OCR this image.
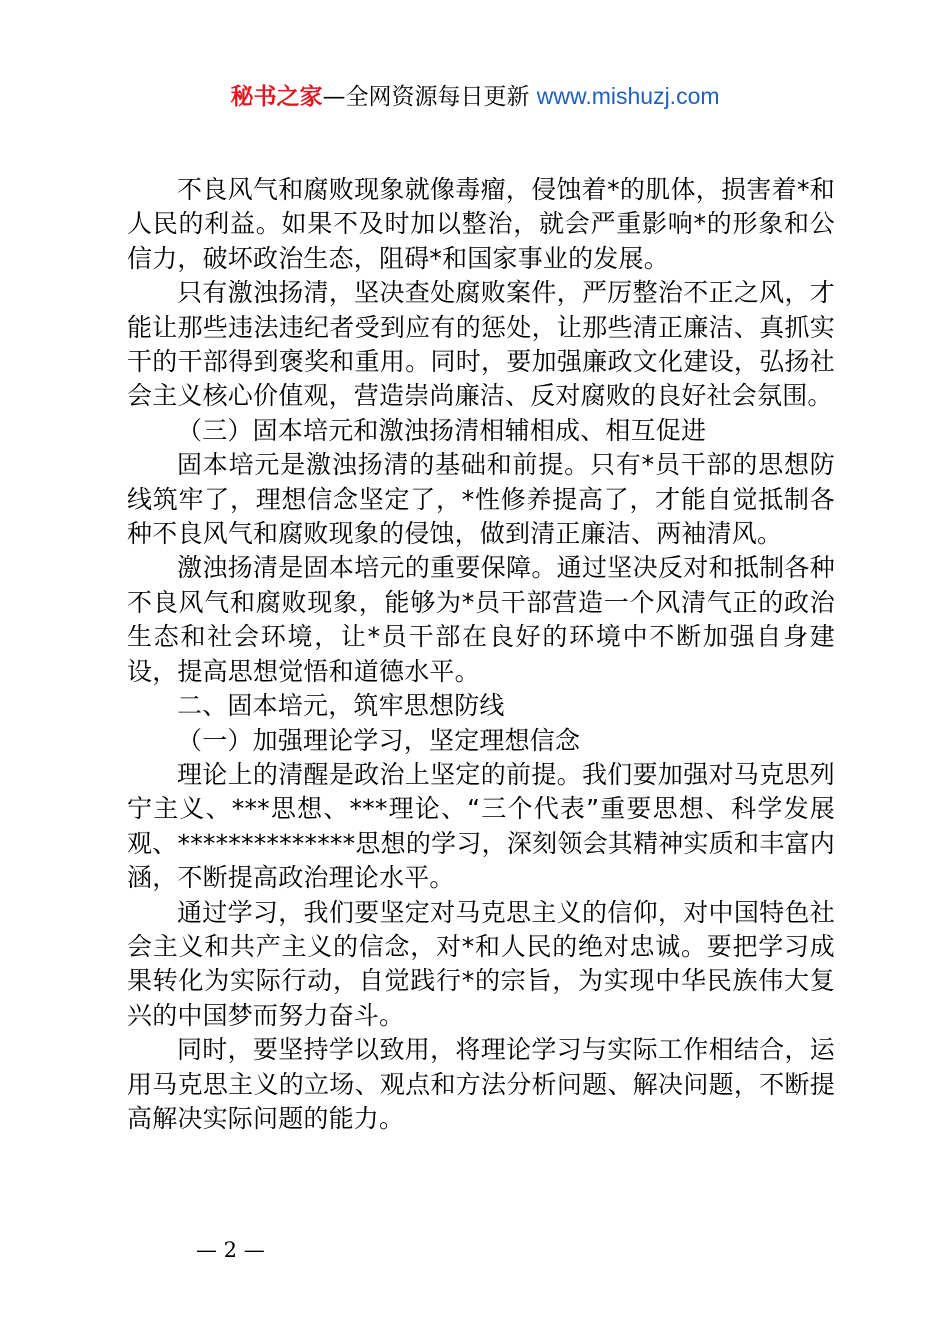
秘书之家—全网资源每日更新 www.mishuzj.com

不良风气和腐败现象就像毒瘤，侵蚀着*的肌体，损害着*和人民的利益。如果不及时加以整治，就会严重影响*的形象和公信力，破坏政治生态，阻碍*和国家事业的发展。

只有激浊扬清，坚决查处腐败案件，严厉整治不正之风，才能让那些违法违纪者受到应有的惩处，让那些清正廉洁、真抓实干的干部得到褒奖和重用。同时，要加强廉政文化建设，弘扬社会主义核心价值观，营造崇尚廉洁、反对腐败的良好社会氛围。

（三）固本培元和激浊扬清相辅相成、相互促进

固本培元是激浊扬清的基础和前提。只有*员干部的思想防线筑牢了，理想信念坚定了，*性修养提高了，才能自觉抵制各种不良风气和腐败现象的侵蚀，做到清正廉洁、两袖清风。

激浊扬清是固本培元的重要保障。通过坚决反对和抵制各种不良风气和腐败现象，能够为*员干部营造一个风清气正的政治生态和社会环境，让*员干部在良好的环境中不断加强自身建设，提高思想觉悟和道德水平。

二、固本培元，筑牢思想防线

（一）加强理论学习，坚定理想信念

理论上的清醒是政治上坚定的前提。我们要加强对马克思列宁主义、***思想、***理论、“三个代表”重要思想、科学发展观、**************思想的学习，深刻领会其精神实质和丰富内涵，不断提高政治理论水平。

通过学习，我们要坚定对马克思主义的信仰，对中国特色社会主义和共产主义的信念，对*和人民的绝对忠诚。要把学习成果转化为实际行动，自觉践行*的宗旨，为实现中华民族伟大复兴的中国梦而努力奋斗。

同时，要坚持学以致用，将理论学习与实际工作相结合，运用马克思主义的立场、观点和方法分析问题、解决问题，不断提高解决实际问题的能力。

— 2 —
